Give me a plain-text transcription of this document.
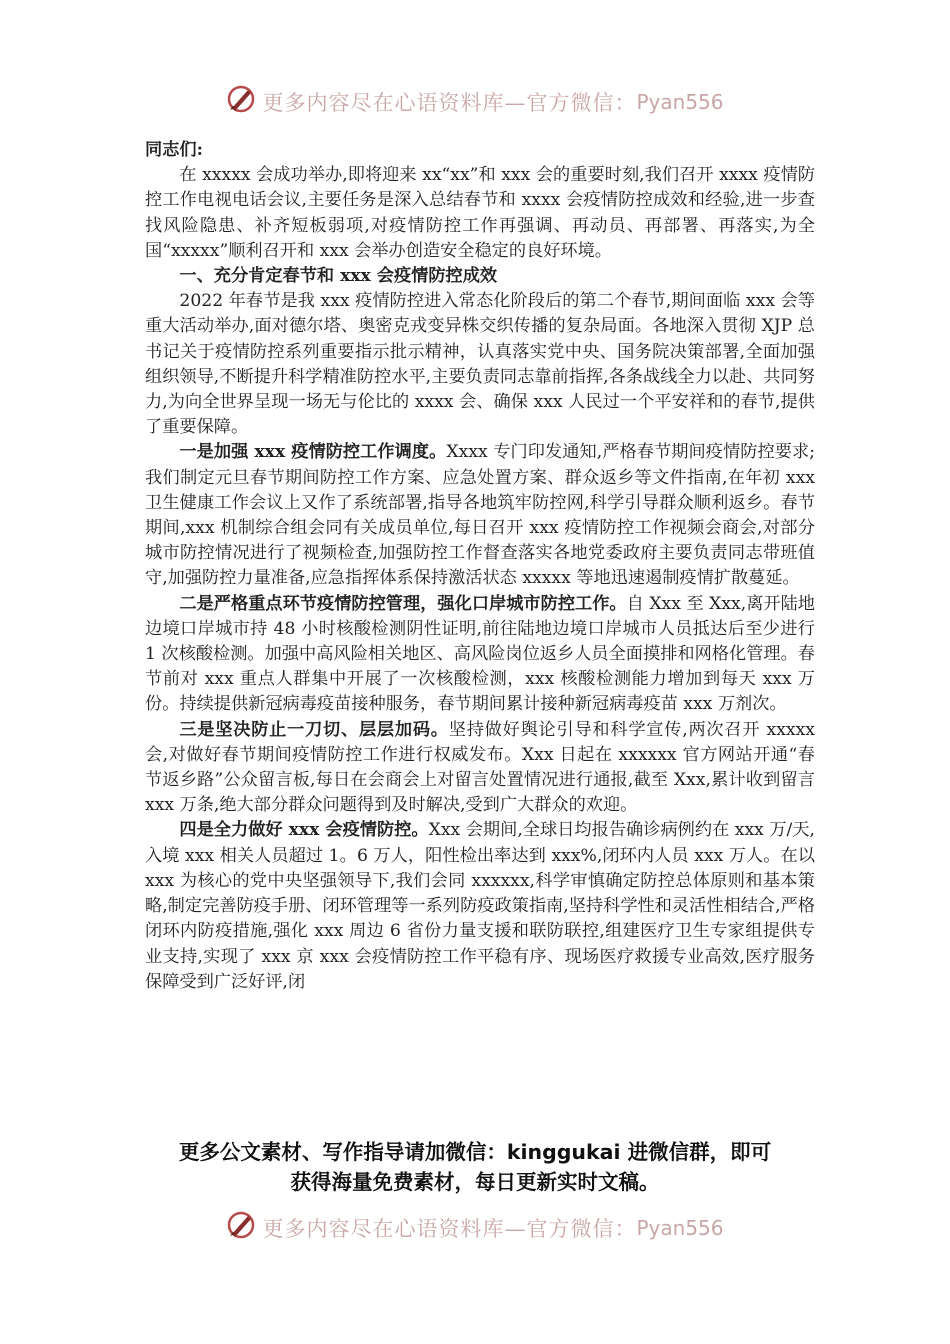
更多内容尽在心语资料库—官方微信： Pyan556

同志们:

在 xxxxx 会成功举办,即将迎来 xx“xx”和 xxx 会的重要时刻,我们召开 xxxx 疫情防控工作电视电话会议,主要任务是深入总结春节和 xxxx 会疫情防控成效和经验,进一步查找风险隐患、补齐短板弱项,对疫情防控工作再强调、再动员、再部署、再落实,为全国“xxxxx”顺利召开和 xxx 会举办创造安全稳定的良好环境。

一、充分肯定春节和 xxx 会疫情防控成效

2022 年春节是我 xxx 疫情防控进入常态化阶段后的第二个春节,期间面临 xxx 会等重大活动举办,面对德尔塔、奥密克戎变异株交织传播的复杂局面。各地深入贯彻 XJP 总书记关于疫情防控系列重要指示批示精神，认真落实党中央、国务院决策部署,全面加强组织领导,不断提升科学精准防控水平,主要负责同志靠前指挥,各条战线全力以赴、共同努力,为向全世界呈现一场无与伦比的 xxxx 会、确保 xxx 人民过一个平安祥和的春节,提供了重要保障。

一是加强 xxx 疫情防控工作调度。Xxxx 专门印发通知,严格春节期间疫情防控要求;我们制定元旦春节期间防控工作方案、应急处置方案、群众返乡等文件指南,在年初 xxx 卫生健康工作会议上又作了系统部署,指导各地筑牢防控网,科学引导群众顺利返乡。春节期间,xxx 机制综合组会同有关成员单位,每日召开 xxx 疫情防控工作视频会商会,对部分城市防控情况进行了视频检查,加强防控工作督查落实各地党委政府主要负责同志带班值守,加强防控力量准备,应急指挥体系保持激活状态 xxxxx 等地迅速遏制疫情扩散蔓延。

二是严格重点环节疫情防控管理，强化口岸城市防控工作。自 Xxx 至 Xxx,离开陆地边境口岸城市持 48 小时核酸检测阴性证明,前往陆地边境口岸城市人员抵达后至少进行 1 次核酸检测。加强中高风险相关地区、高风险岗位返乡人员全面摸排和网格化管理。春节前对 xxx 重点人群集中开展了一次核酸检测，xxx 核酸检测能力增加到每天 xxx 万份。持续提供新冠病毒疫苗接种服务，春节期间累计接种新冠病毒疫苗 xxx 万剂次。

三是坚决防止一刀切、层层加码。坚持做好舆论引导和科学宣传,两次召开 xxxxx 会,对做好春节期间疫情防控工作进行权威发布。Xxx 日起在 xxxxxx 官方网站开通“春节返乡路”公众留言板,每日在会商会上对留言处置情况进行通报,截至 Xxx,累计收到留言 xxx 万条,绝大部分群众问题得到及时解决,受到广大群众的欢迎。

四是全力做好 xxx 会疫情防控。Xxx 会期间,全球日均报告确诊病例约在 xxx 万/天,入境 xxx 相关人员超过 1。6 万人，阳性检出率达到 xxx%,闭环内人员 xxx 万人。在以 xxx 为核心的党中央坚强领导下,我们会同 xxxxxx,科学审慎确定防控总体原则和基本策略,制定完善防疫手册、闭环管理等一系列防疫政策指南,坚持科学性和灵活性相结合,严格闭环内防疫措施,强化 xxx 周边 6 省份力量支援和联防联控,组建医疗卫生专家组提供专业支持,实现了 xxx 京 xxx 会疫情防控工作平稳有序、现场医疗救援专业高效,医疗服务保障受到广泛好评,闭

更多公文素材、写作指导请加微信：kinggukai 进微信群，即可
获得海量免费素材，每日更新实时文稿。
更多内容尽在心语资料库—官方微信： Pyan556
